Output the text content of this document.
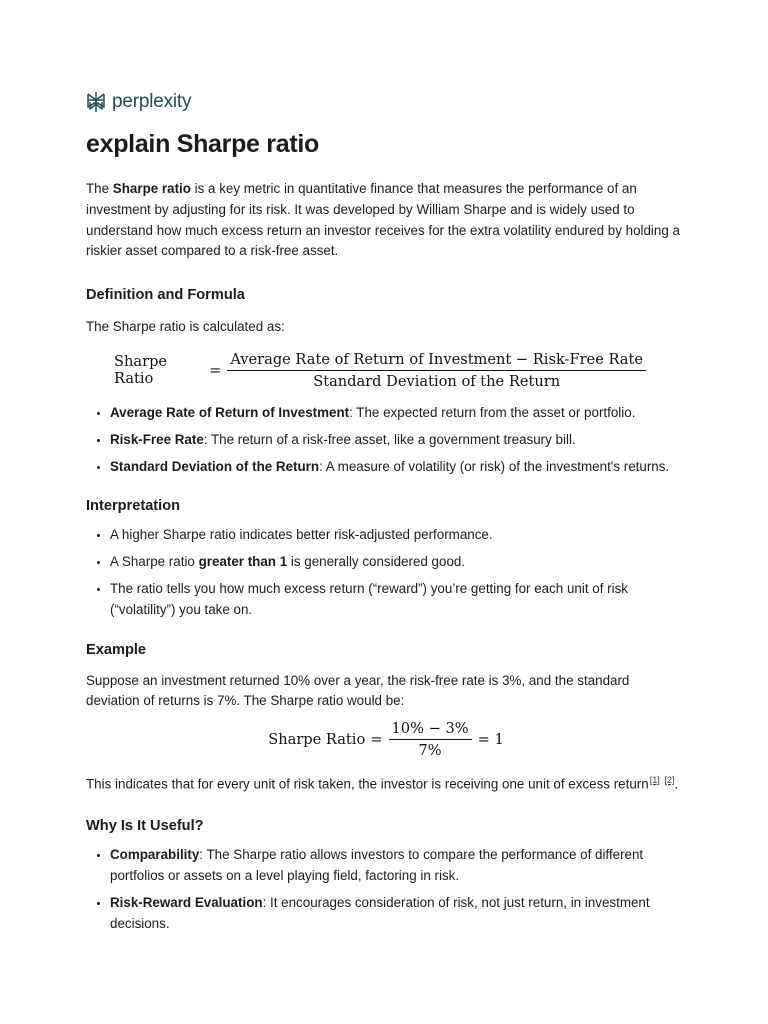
perplexity
explain Sharpe ratio

The Sharpe ratio is a key metric in quantitative finance that measures the performance of an investment by adjusting for its risk. It was developed by William Sharpe and is widely used to understand how much excess return an investor receives for the extra volatility endured by holding a riskier asset compared to a risk-free asset.

Definition and Formula

The Sharpe ratio is calculated as:

Sharpe Ratio	= $\frac{\text{Average Rate of Return of Investment − Risk-Free Rate}}{\text{Standard Deviation of the Return}}$
• Average Rate of Return of Investment: The expected return from the asset or portfolio.
• Risk-Free Rate: The return of a risk-free asset, like a government treasury bill.
• Standard Deviation of the Return: A measure of volatility (or risk) of the investment's returns.
Interpretation
• A higher Sharpe ratio indicates better risk-adjusted performance.
• A Sharpe ratio greater than 1 is generally considered good.
• The ratio tells you how much excess return (“reward”) you’re getting for each unit of risk (“volatility”) you take on.
Example

Suppose an investment returned 10% over a year, the risk-free rate is 3%, and the standard deviation of returns is 7%. The Sharpe ratio would be:

Sharpe Ratio = $\frac{10\% - 3\%}{7\%} = 1$

This indicates that for every unit of risk taken, the investor is receiving one unit of excess return[1] [2].

Why Is It Useful?
• Comparability: The Sharpe ratio allows investors to compare the performance of different portfolios or assets on a level playing field, factoring in risk.
• Risk-Reward Evaluation: It encourages consideration of risk, not just return, in investment decisions.
